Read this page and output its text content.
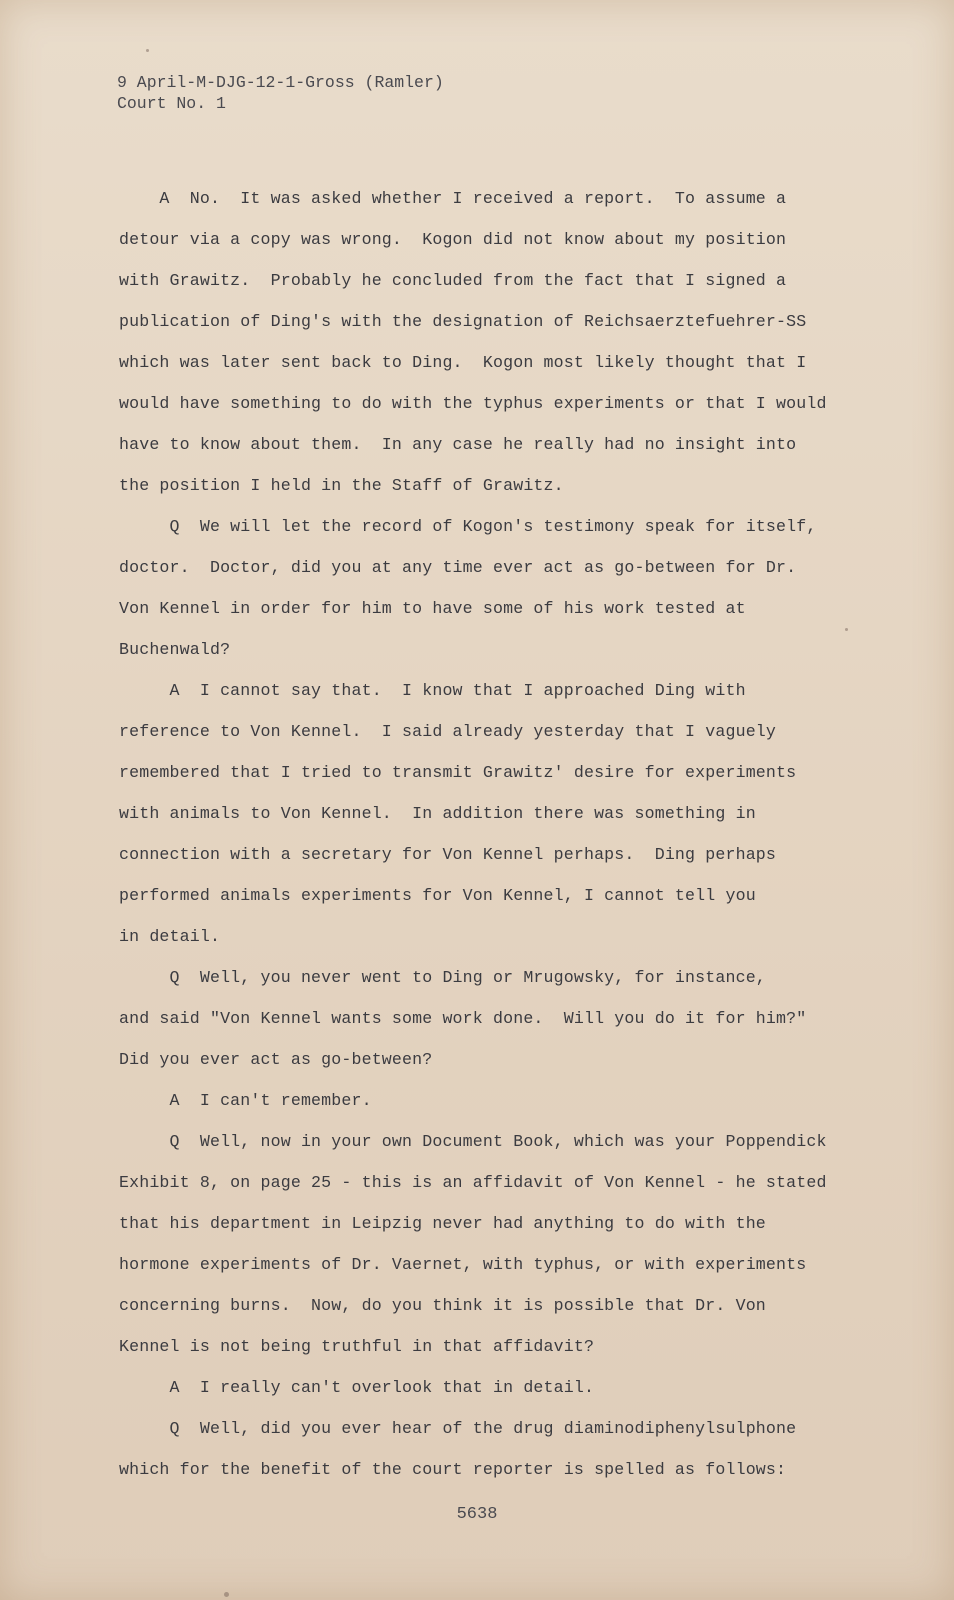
9 April-M-DJG-12-1-Gross (Ramler)
Court No. 1
A  No.  It was asked whether I received a report.  To assume a
detour via a copy was wrong.  Kogon did not know about my position
with Grawitz.  Probably he concluded from the fact that I signed a
publication of Ding's with the designation of Reichsaerztefuehrer-SS
which was later sent back to Ding.  Kogon most likely thought that I
would have something to do with the typhus experiments or that I would
have to know about them.  In any case he really had no insight into
the position I held in the Staff of Grawitz.
Q  We will let the record of Kogon's testimony speak for itself,
doctor.  Doctor, did you at any time ever act as go-between for Dr.
Von Kennel in order for him to have some of his work tested at
Buchenwald?
A  I cannot say that.  I know that I approached Ding with
reference to Von Kennel.  I said already yesterday that I vaguely
remembered that I tried to transmit Grawitz' desire for experiments
with animals to Von Kennel.  In addition there was something in
connection with a secretary for Von Kennel perhaps.  Ding perhaps
performed animals experiments for Von Kennel, I cannot tell you
in detail.
Q  Well, you never went to Ding or Mrugowsky, for instance,
and said "Von Kennel wants some work done.  Will you do it for him?"
Did you ever act as go-between?
A  I can't remember.
Q  Well, now in your own Document Book, which was your Poppendick
Exhibit 8, on page 25 - this is an affidavit of Von Kennel - he stated
that his department in Leipzig never had anything to do with the
hormone experiments of Dr. Vaernet, with typhus, or with experiments
concerning burns.  Now, do you think it is possible that Dr. Von
Kennel is not being truthful in that affidavit?
A  I really can't overlook that in detail.
Q  Well, did you ever hear of the drug diaminodiphenylsulphone
which for the benefit of the court reporter is spelled as follows:
5638
